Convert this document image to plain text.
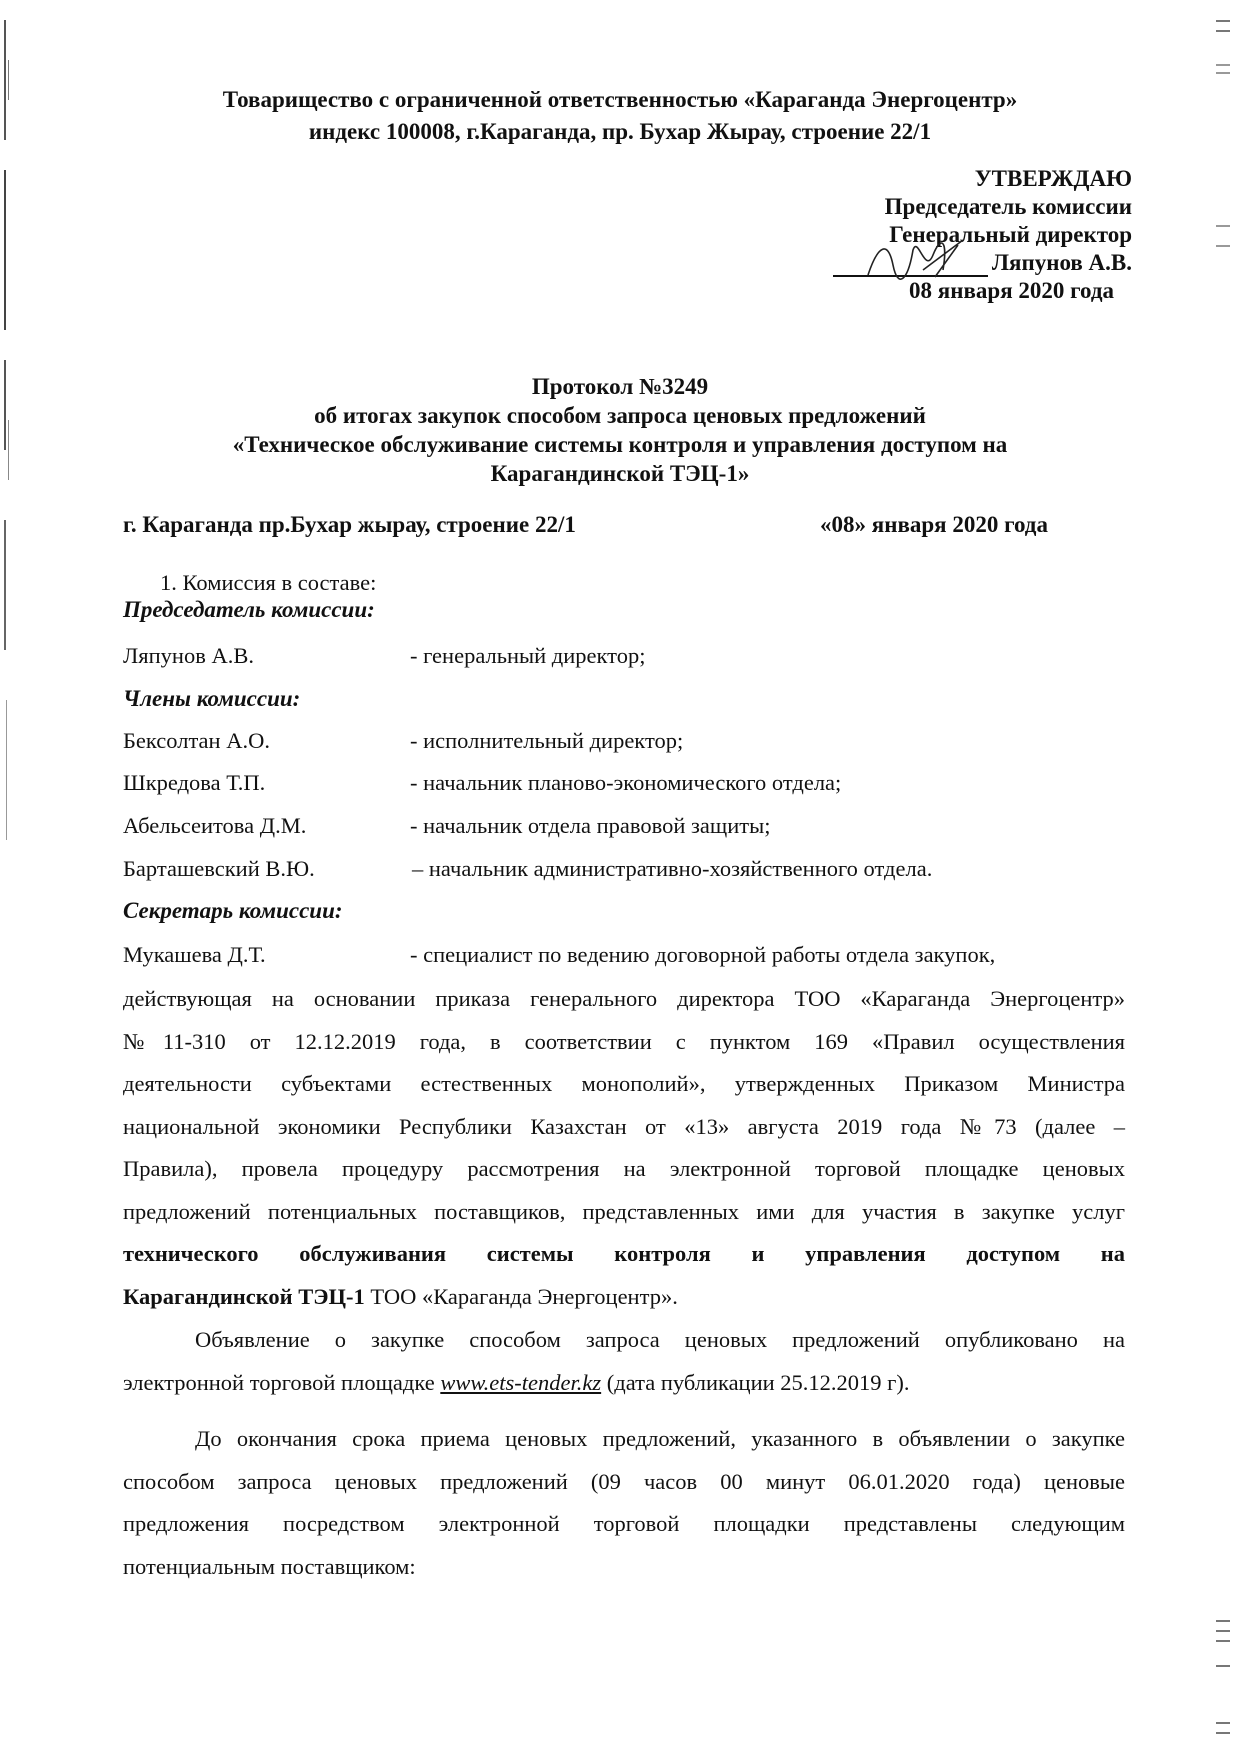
Товарищество с ограниченной ответственностью «Караганда Энергоцентр»
индекс 100008, г.Караганда, пр. Бухар Жырау, строение 22/1
УТВЕРЖДАЮ
Председатель комиссии
Генеральный директор
Ляпунов А.В.
08 января 2020 года
Протокол №3249
об итогах закупок способом запроса ценовых предложений
«Техническое обслуживание системы контроля и управления доступом на
Карагандинской ТЭЦ-1»
г. Караганда пр.Бухар жырау, строение 22/1	«08» января 2020 года
1. Комиссия в составе:
Председатель комиссии:
Ляпунов А.В.	- генеральный директор;
Члены комиссии:
Бексолтан А.О.	- исполнительный директор;
Шкредова Т.П.	- начальник планово-экономического отдела;
Абельсеитова Д.М.	- начальник отдела правовой защиты;
Барташевский В.Ю.	– начальник административно-хозяйственного отдела.
Секретарь комиссии:
Мукашева Д.Т.	- специалист по ведению договорной работы отдела закупок,
действующая на основании приказа генерального директора ТОО «Караганда Энергоцентр»
№11-310 от 12.12.2019 года, в соответствии с пунктом 169 «Правил осуществления
деятельности субъектами естественных монополий», утвержденных Приказом Министра
национальной экономики Республики Казахстан от «13» августа 2019 года №73 (далее –
Правила), провела процедуру рассмотрения на электронной торговой площадке ценовых
предложений потенциальных поставщиков, представленных ими для участия в закупке услуг
технического обслуживания системы контроля и управления доступом на
Карагандинской ТЭЦ-1 ТОО «Караганда Энергоцентр».
Объявление о закупке способом запроса ценовых предложений опубликовано на
электронной торговой площадке www.ets-tender.kz (дата публикации 25.12.2019 г).
До окончания срока приема ценовых предложений, указанного в объявлении о закупке
способом запроса ценовых предложений (09 часов 00 минут 06.01.2020 года) ценовые
предложения посредством электронной торговой площадки представлены следующим
потенциальным поставщиком:
